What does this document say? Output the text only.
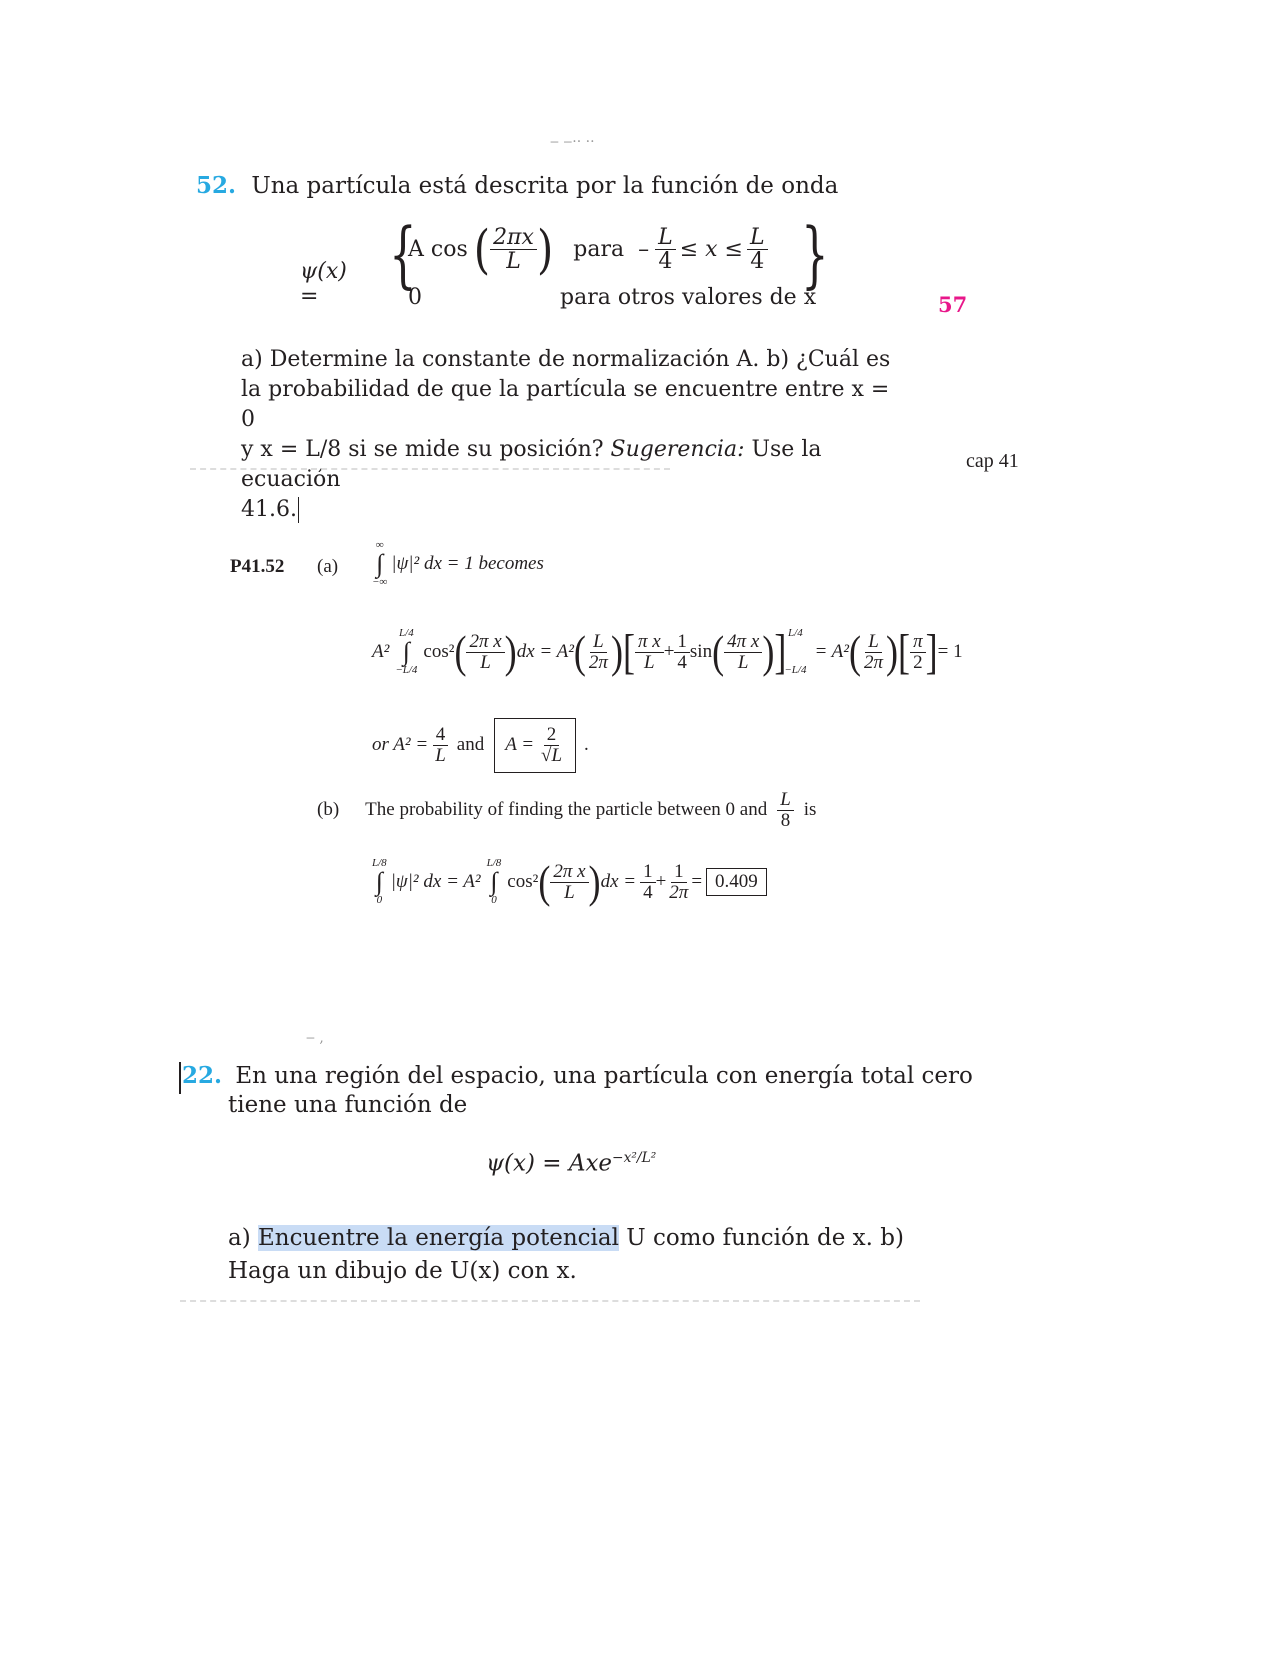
‒ ‒·· ··
52. Una partícula está descrita por la función de onda
ψ(x) =
{
A cos ( $\frac{2\pi x}{L}$ ) para – $\frac{L}{4} \le x \le \frac{L}{4}$ }
0	para otros valores de x	57
a) Determine la constante de normalización A. b) ¿Cuál es
la probabilidad de que la partícula se encuentre entre x = 0
y x = L/8 si se mide su posición? Sugerencia: Use la ecuación
41.6.
cap 41
P41.52 (a)
∞
∫
−∞
|ψ|² dx = 1 becomes
A²
L/4
∫
−L/4
cos² ( $\frac{\text{2π x}}{L}$ ) dx = A² ( $\frac{L}{2\pi}$ ) [ $\frac{\text{π x}}{L} + \frac{1}{4}$ sin ( $\frac{\text{4π x}}{L}$ ) ] L/4
−L/4
= A² ( $\frac{L}{2\pi}$ ) [ $\frac{\pi}{2}$ ] = 1
or $A^2 = \frac{4}{L}$ and $A = \frac{2}{√L}$ .
(b) The probability of finding the particle between 0 and $\frac{L}{8}$ is
L/8
∫
0
|ψ|² dx = A²
L/8
∫
0
cos² ( $\frac{\text{2π x}}{L}$ ) dx = $\frac{1}{4} + \frac{1}{2\pi} = 0.409$
‒ ,
22. En una región del espacio, una partícula con energía total cero
tiene una función de
ψ(x) = Axe$^{-x^2/L^2}$
a) Encuentre la energía potencial U como función de x. b)
Haga un dibujo de U(x) con x.
